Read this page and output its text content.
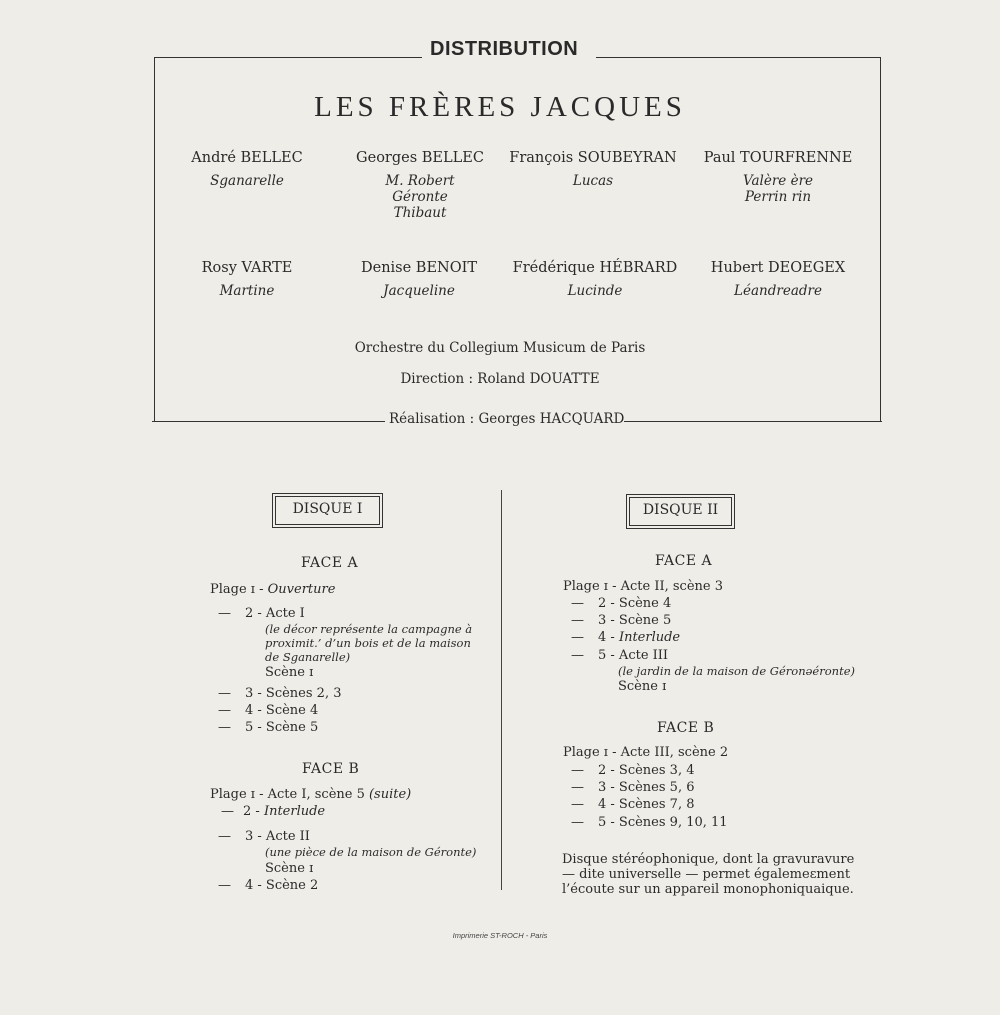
DISTRIBUTION
LES FRÈRES JACQUES
André BELLEC
Sganarelle
Georges BELLEC
M. Robert
Géronte
Thibaut
François SOUBEYRAN
Lucas
Paul TOURFRENNE
Valère ère
Perrin rin
Rosy VARTE
Martine
Denise BENOIT
Jacqueline
Frédérique HÉBRARD
Lucinde
Hubert DEOEGEX
Léandreadre
Orchestre du Collegium Musicum de Paris
Direction : Roland DOUATTE
Réalisation : Georges HACQUARD
DISQUE I
FACE A
Plage ɪ - Ouverture
— 2 - Acte I
(le décor représente la campagne à
proximit.’ d’un bois et de la maison
de Sganarelle)
Scène ɪ
— 3 - Scènes 2, 3
— 4 - Scène 4
— 5 - Scène 5
FACE B
Plage ɪ - Acte I, scène 5 (suite)
— 2 - Interlude
— 3 - Acte II
(une pièce de la maison de Géronte)
Scène ɪ
— 4 - Scène 2
DISQUE II
FACE A
Plage ɪ - Acte II, scène 3
— 2 - Scène 4
— 3 - Scène 5
— 4 - Interlude
— 5 - Acte III
(le jardin de la maison de Géronǝéronte)
Scène ɪ
FACE B
Plage ɪ - Acte III, scène 2
— 2 - Scènes 3, 4
— 3 - Scènes 5, 6
— 4 - Scènes 7, 8
— 5 - Scènes 9, 10, 11
Disque stéréophonique, dont la gravuravure
— dite universelle — permet égalemeɛment
l’écoute sur un appareil monophoniquaique.
Imprimerie ST-ROCH - Paris
